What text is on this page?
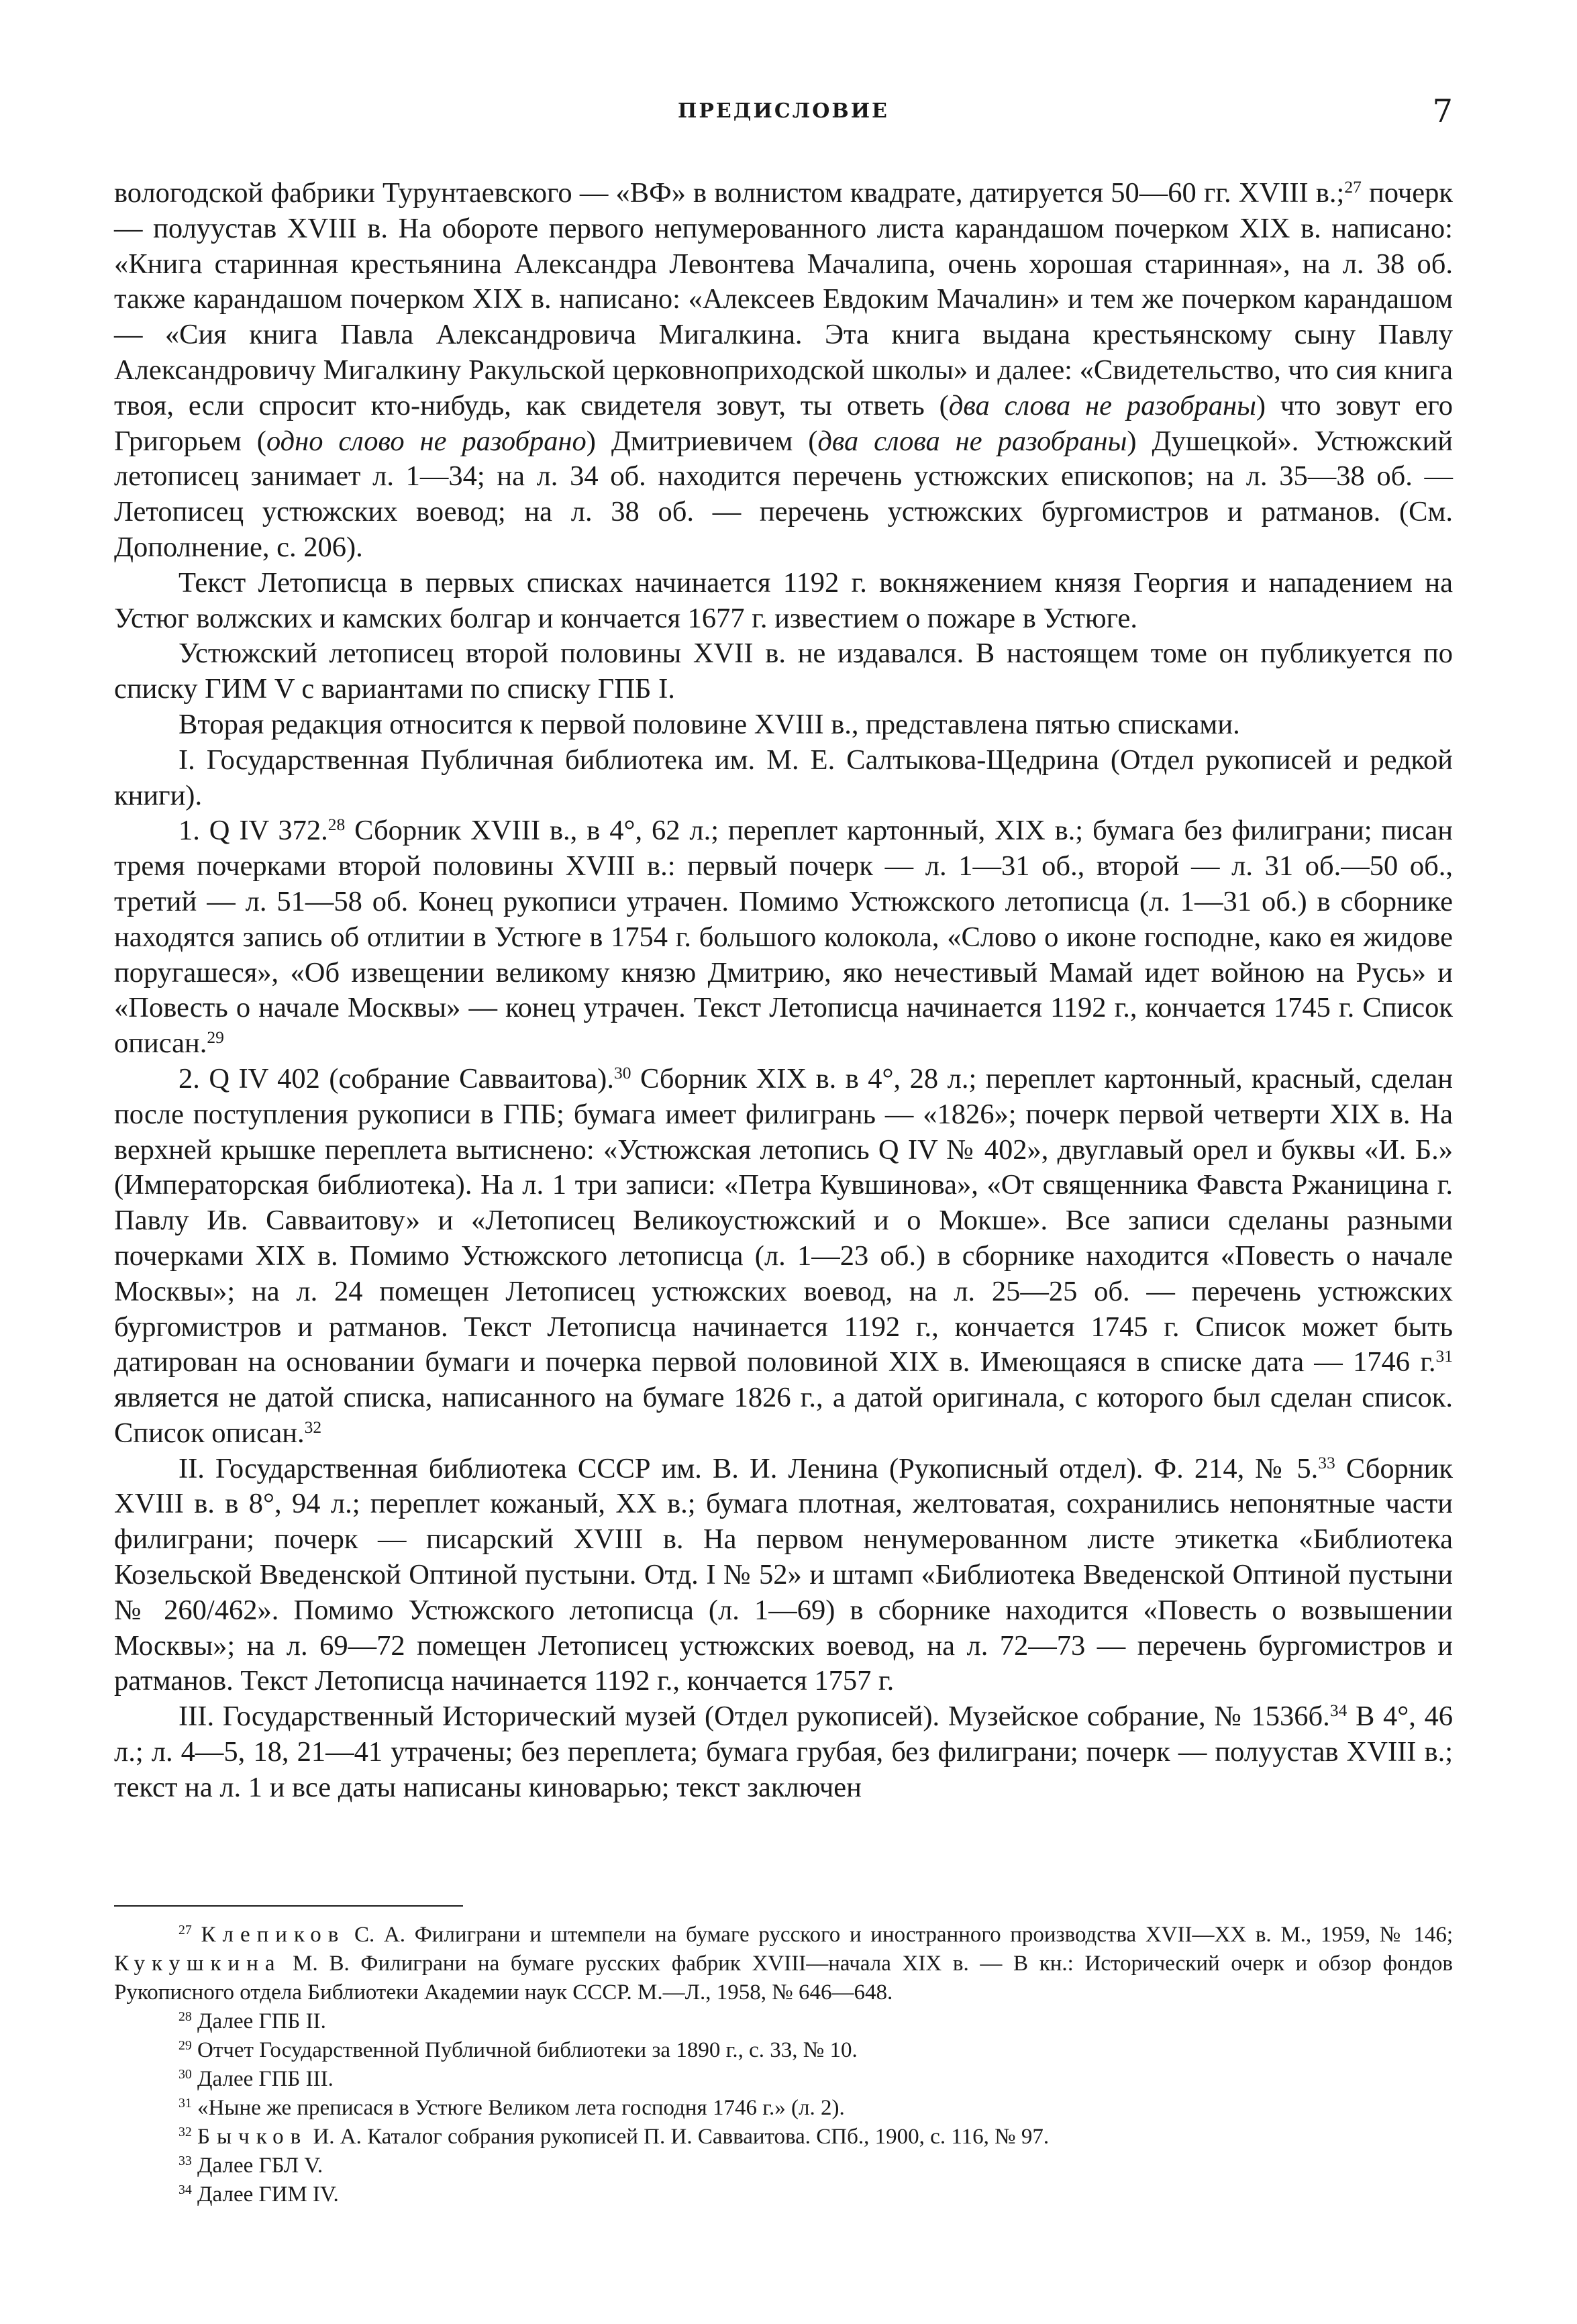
ПРЕДИСЛОВИЕ	7

вологодской фабрики Турунтаевского — «ВФ» в волнистом квадрате, датируется 50—60 гг. XVIII в.;$^{27}$ почерк — полуустав XVIII в. На обороте первого непумерованного листа карандашом почерком XIX в. написано: «Книга старинная крестьянина Александра Левонтева Мачалипа, очень хорошая старинная», на л. 38 об. также карандашом почерком XIX в. написано: «Алексеев Евдоким Мачалин» и тем же почерком карандашом — «Сия книга Павла Александровича Мигалкина. Эта книга выдана крестьянскому сыну Павлу Александровичу Мигалкину Ракульской церковноприходской школы» и далее: «Свидетельство, что сия книга твоя, если спросит кто-нибудь, как свидетеля зовут, ты ответь (два слова не разобраны) что зовут его Григорьем (одно слово не разобрано) Дмитриевичем (два слова не разобраны) Душецкой». Устюжский летописец занимает л. 1—34; на л. 34 об. находится перечень устюжских епископов; на л. 35—38 об. — Летописец устюжских воевод; на л. 38 об. — перечень устюжских бургомистров и ратманов. (См. Дополнение, с. 206).

Текст Летописца в первых списках начинается 1192 г. вокняжением князя Георгия и нападением на Устюг волжских и камских болгар и кончается 1677 г. известием о пожаре в Устюге.

Устюжский летописец второй половины XVII в. не издавался. В настоящем томе он публикуется по списку ГИМ V с вариантами по списку ГПБ I.

Вторая редакция относится к первой половине XVIII в., представлена пятью списками.

I. Государственная Публичная библиотека им. М. Е. Салтыкова-Щедрина (Отдел рукописей и редкой книги).

1. Q IV 372.28 Сборник XVIII в., в 4°, 62 л.; переплет картонный, XIX в.; бумага без филиграни; писан тремя почерками второй половины XVIII в.: первый почерк — л. 1—31 об., второй — л. 31 об.—50 об., третий — л. 51—58 об. Конец рукописи утрачен. Помимо Устюжского летописца (л. 1—31 об.) в сборнике находятся запись об отлитии в Устюге в 1754 г. большого колокола, «Слово о иконе господне, како ея жидове поругашеся», «Об извещении великому князю Дмитрию, яко нечестивый Мамай идет войною на Русь» и «Повесть о начале Москвы» — конец утрачен. Текст Летописца начинается 1192 г., кончается 1745 г. Список описан.$^{29}$

2. Q IV 402 (собрание Савваитова).$^{30}$ Сборник XIX в. в 4°, 28 л.; переплет картонный, красный, сделан после поступления рукописи в ГПБ; бумага имеет филигрань — «1826»; почерк первой четверти XIX в. На верхней крышке переплета вытиснено: «Устюжская летопись Q IV № 402», двуглавый орел и буквы «И. Б.» (Императорская библиотека). На л. 1 три записи: «Петра Кувшинова», «От священника Фавста Ржаницина г. Павлу Ив. Савваитову» и «Летописец Великоустюжский и о Мокше». Все записи сделаны разными почерками XIX в. Помимо Устюжского летописца (л. 1—23 об.) в сборнике находится «Повесть о начале Москвы»; на л. 24 помещен Летописец устюжских воевод, на л. 25—25 об. — перечень устюжских бургомистров и ратманов. Текст Летописца начинается 1192 г., кончается 1745 г. Список может быть датирован на основании бумаги и почерка первой половиной XIX в. Имеющаяся в списке дата — 1746 г.$^{31}$ является не датой списка, написанного на бумаге 1826 г., а датой оригинала, с которого был сделан список. Список описан.$^{32}$

II. Государственная библиотека СССР им. В. И. Ленина (Рукописный отдел). Ф. 214, № 5.33 Сборник XVIII в. в 8°, 94 л.; переплет кожаный, XX в.; бумага плотная, желтоватая, сохранились непонятные части филиграни; почерк — писарский XVIII в. На первом ненумерованном листе этикетка «Библиотека Козельской Введенской Оптиной пустыни. Отд. I № 52» и штамп «Библиотека Введенской Оптиной пустыни № 260/462». Помимо Устюжского летописца (л. 1—69) в сборнике находится «Повесть о возвышении Москвы»; на л. 69—72 помещен Летописец устюжских воевод, на л. 72—73 — перечень бургомистров и ратманов. Текст Летописца начинается 1192 г., кончается 1757 г.

III. Государственный Исторический музей (Отдел рукописей). Музейское собрание, № 1536б.$^{34}$ В 4°, 46 л.; л. 4—5, 18, 21—41 утрачены; без переплета; бумага грубая, без филиграни; почерк — полуустав XVIII в.; текст на л. 1 и все даты написаны киноварью; текст заключен

$^{27}$ Клепиков С. А. Филиграни и штемпели на бумаге русского и иностранного производства XVII—XX в. М., 1959, № 146; Кукушкина М. В. Филиграни на бумаге русских фабрик XVIII—начала XIX в. — В кн.: Исторический очерк и обзор фондов Рукописного отдела Библиотеки Академии наук СССР. М.—Л., 1958, № 646—648.

$^{28}$ Далее ГПБ II.

$^{29}$ Отчет Государственной Публичной библиотеки за 1890 г., с. 33, № 10.

$^{30}$ Далее ГПБ III.

$^{31}$ «Ныне же преписася в Устюге Великом лета господня 1746 г.» (л. 2).

$^{32}$ Бычков И. А. Каталог собрания рукописей П. И. Савваитова. СПб., 1900, с. 116, № 97.

$^{33}$ Далее ГБЛ V.

$^{34}$ Далее ГИМ IV.
